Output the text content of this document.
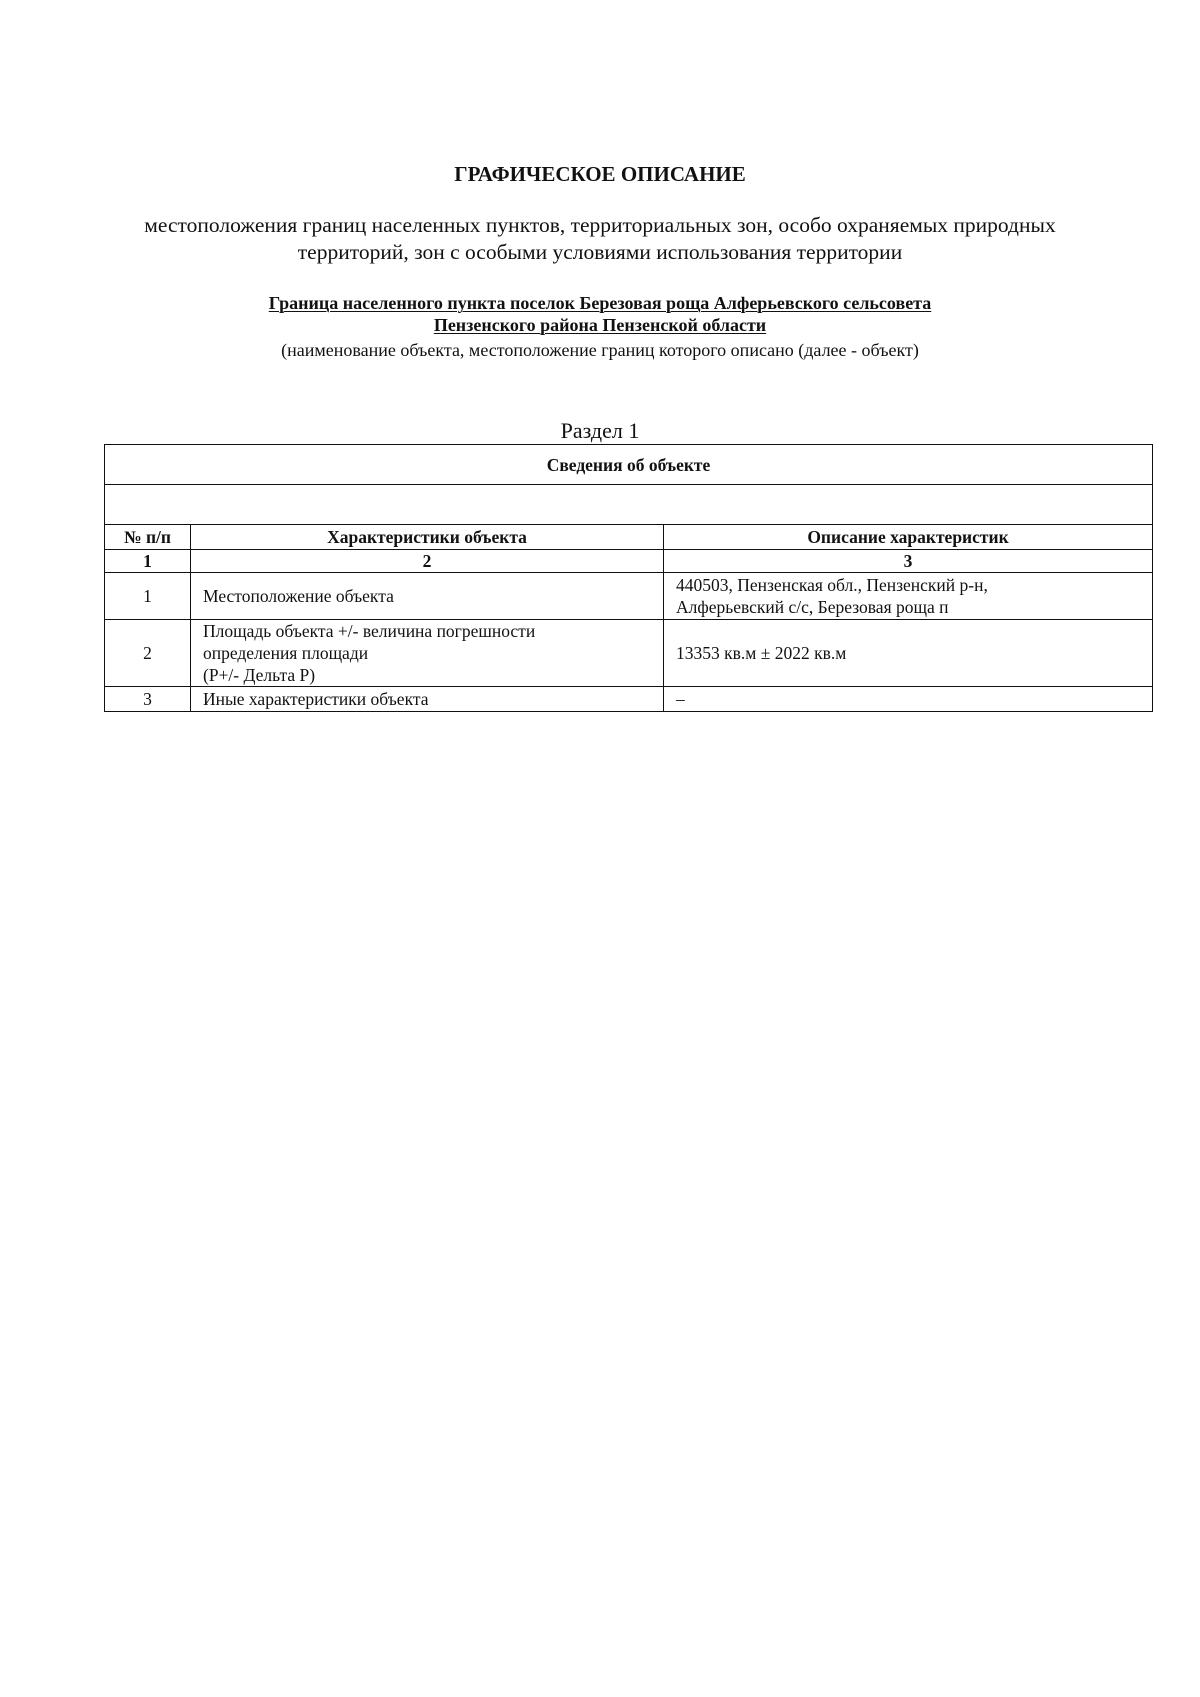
ГРАФИЧЕСКОЕ ОПИСАНИЕ
местоположения границ населенных пунктов, территориальных зон, особо охраняемых природных
территорий, зон с особыми условиями использования территории
Граница населенного пункта поселок Березовая роща Алферьевского сельсовета
Пензенского района Пензенской области
(наименование объекта, местоположение границ которого описано (далее - объект)
Раздел 1
Сведения об объекте		

№ п/п	Характеристики объекта	Описание характеристик
1	2	3
1	Местоположение объекта	440503, Пензенская обл., Пензенский р-н,
Алферьевский с/с, Березовая роща п

2	Площадь объекта +/- величина погрешности
определения площади
(P+/- Дельта P)	13353 кв.м ± 2022 кв.м

3	Иные характеристики объекта	–
